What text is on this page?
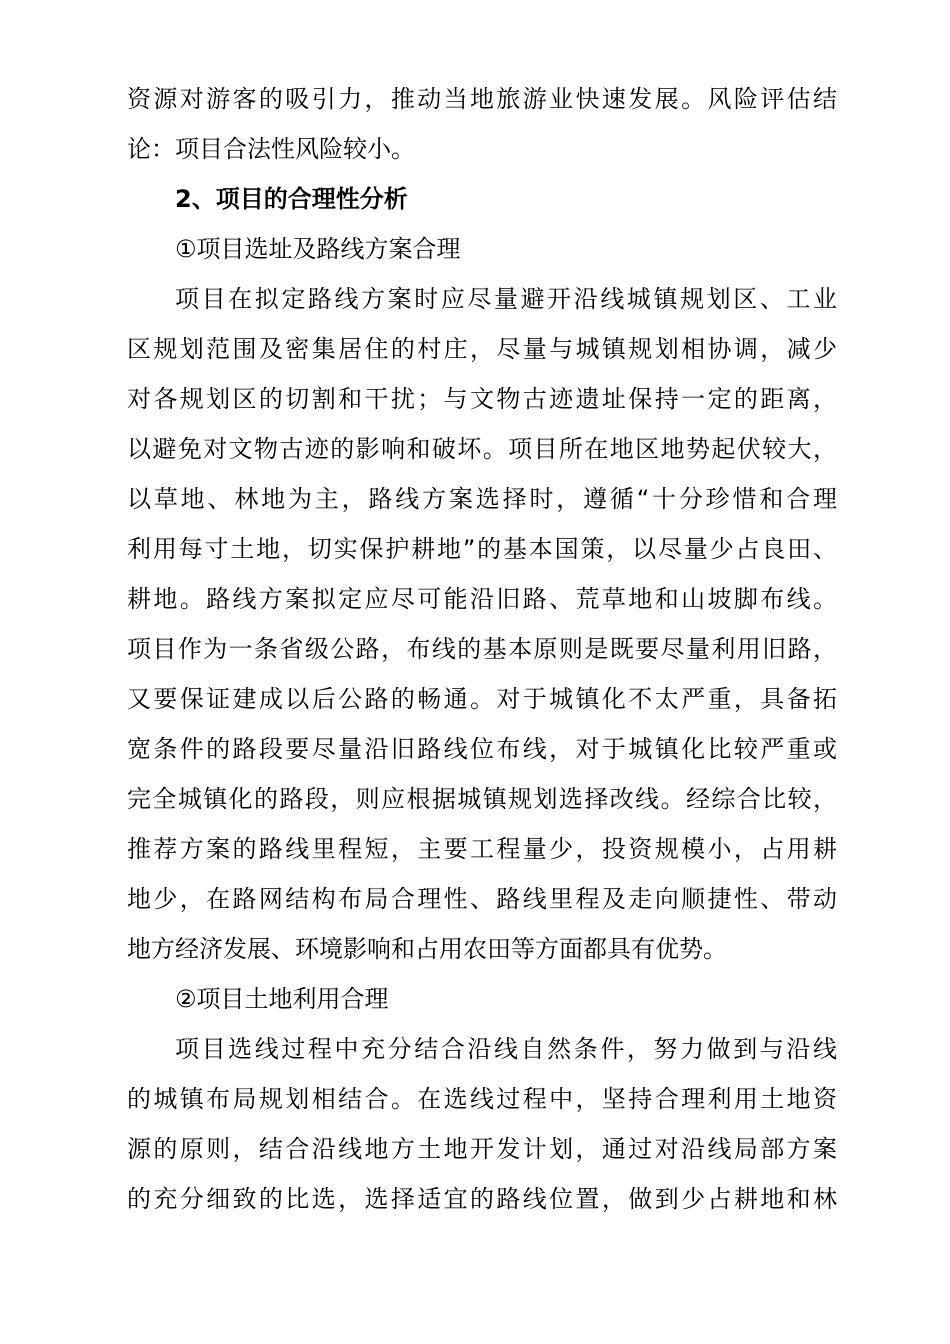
资源对游客的吸引力，推动当地旅游业快速发展。风险评估结
论：项目合法性风险较小。
2、项目的合理性分析
①项目选址及路线方案合理
项目在拟定路线方案时应尽量避开沿线城镇规划区、工业
区规划范围及密集居住的村庄，尽量与城镇规划相协调，减少
对各规划区的切割和干扰；与文物古迹遗址保持一定的距离，
以避免对文物古迹的影响和破坏。项目所在地区地势起伏较大，
以草地、林地为主，路线方案选择时，遵循“十分珍惜和合理
利用每寸土地，切实保护耕地”的基本国策，以尽量少占良田、
耕地。路线方案拟定应尽可能沿旧路、荒草地和山坡脚布线。
项目作为一条省级公路，布线的基本原则是既要尽量利用旧路，
又要保证建成以后公路的畅通。对于城镇化不太严重，具备拓
宽条件的路段要尽量沿旧路线位布线，对于城镇化比较严重或
完全城镇化的路段，则应根据城镇规划选择改线。经综合比较，
推荐方案的路线里程短，主要工程量少，投资规模小，占用耕
地少，在路网结构布局合理性、路线里程及走向顺捷性、带动
地方经济发展、环境影响和占用农田等方面都具有优势。
②项目土地利用合理
项目选线过程中充分结合沿线自然条件，努力做到与沿线
的城镇布局规划相结合。在选线过程中，坚持合理利用土地资
源的原则，结合沿线地方土地开发计划，通过对沿线局部方案
的充分细致的比选，选择适宜的路线位置，做到少占耕地和林
